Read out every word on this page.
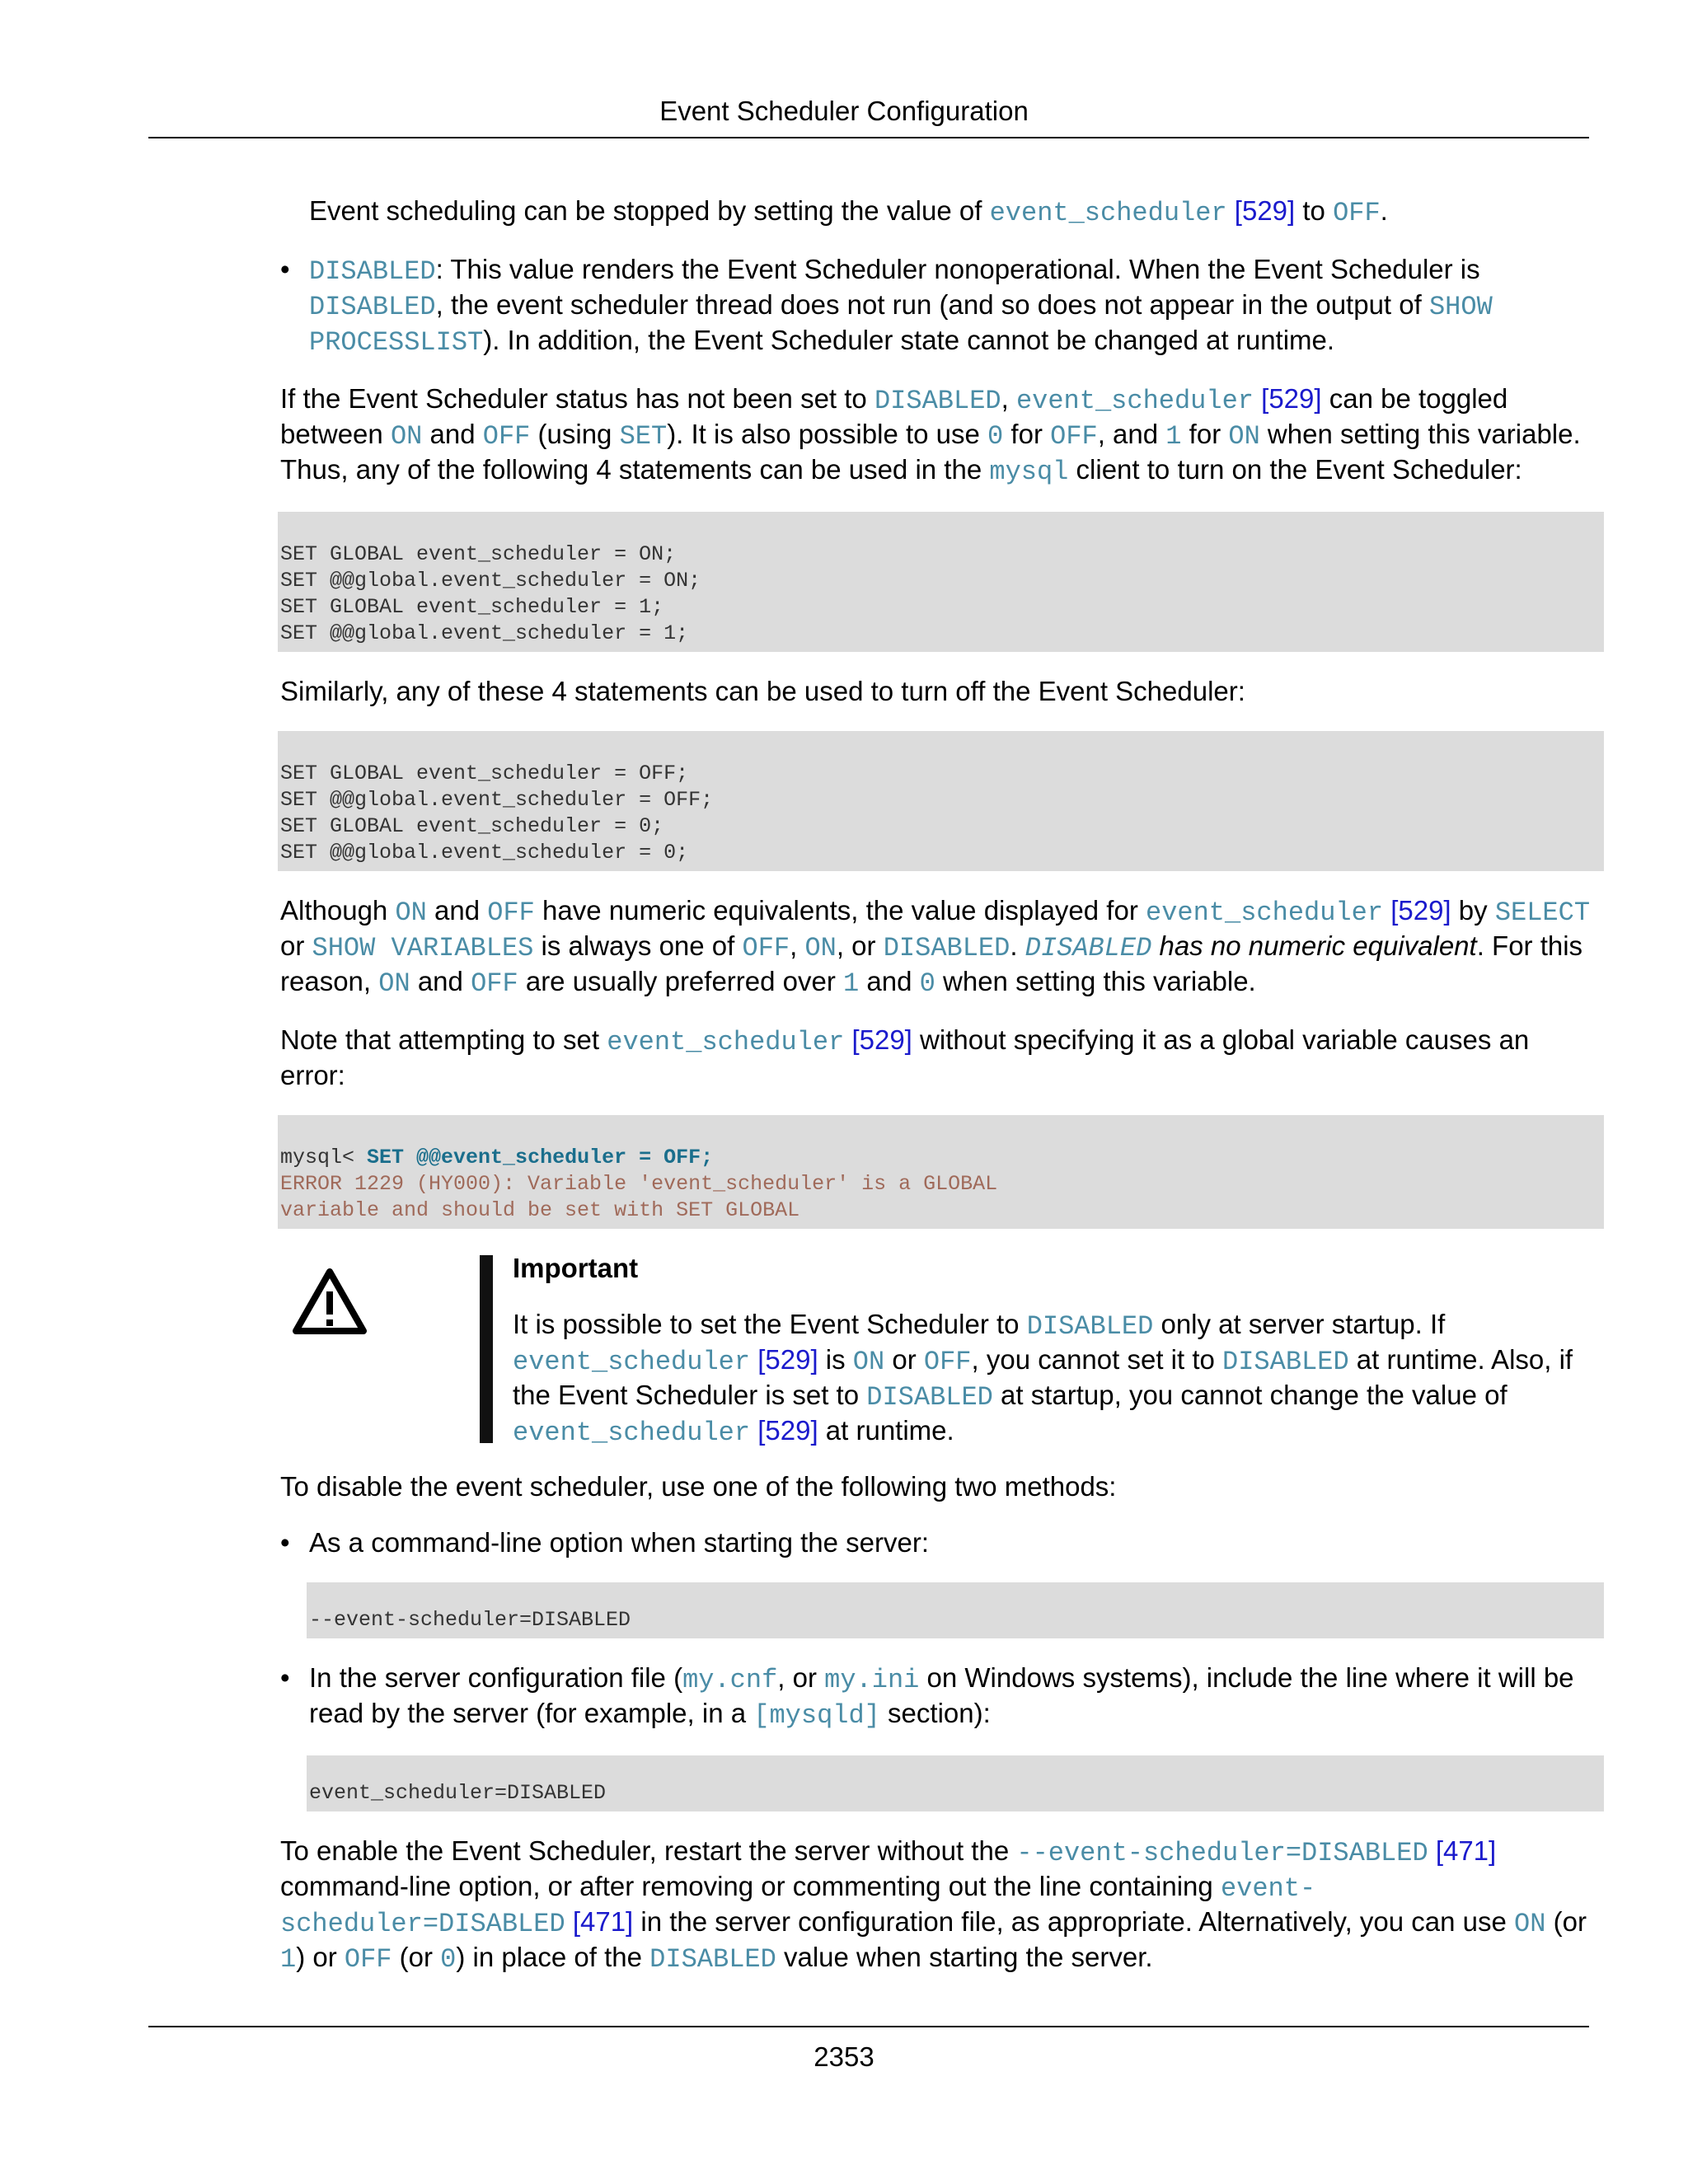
Event Scheduler Configuration

Event scheduling can be stopped by setting the value of event_scheduler [529] to OFF.

• DISABLED: This value renders the Event Scheduler nonoperational. When the Event Scheduler is DISABLED, the event scheduler thread does not run (and so does not appear in the output of SHOW PROCESSLIST). In addition, the Event Scheduler state cannot be changed at runtime.

If the Event Scheduler status has not been set to DISABLED, event_scheduler [529] can be toggled between ON and OFF (using SET). It is also possible to use 0 for OFF, and 1 for ON when setting this variable. Thus, any of the following 4 statements can be used in the mysql client to turn on the Event Scheduler:

SET GLOBAL event_scheduler = ON;
SET @@global.event_scheduler = ON;
SET GLOBAL event_scheduler = 1;
SET @@global.event_scheduler = 1;

Similarly, any of these 4 statements can be used to turn off the Event Scheduler:

SET GLOBAL event_scheduler = OFF;
SET @@global.event_scheduler = OFF;
SET GLOBAL event_scheduler = 0;
SET @@global.event_scheduler = 0;

Although ON and OFF have numeric equivalents, the value displayed for event_scheduler [529] by SELECT or SHOW VARIABLES is always one of OFF, ON, or DISABLED. DISABLED has no numeric equivalent. For this reason, ON and OFF are usually preferred over 1 and 0 when setting this variable.

Note that attempting to set event_scheduler [529] without specifying it as a global variable causes an error:

mysql< SET @@event_scheduler = OFF;
ERROR 1229 (HY000): Variable 'event_scheduler' is a GLOBAL
variable and should be set with SET GLOBAL
Important
It is possible to set the Event Scheduler to DISABLED only at server startup. If event_scheduler [529] is ON or OFF, you cannot set it to DISABLED at runtime. Also, if the Event Scheduler is set to DISABLED at startup, you cannot change the value of event_scheduler [529] at runtime.

To disable the event scheduler, use one of the following two methods:

• As a command-line option when starting the server:
--event-scheduler=DISABLED
• In the server configuration file (my.cnf, or my.ini on Windows systems), include the line where it will be read by the server (for example, in a [mysqld] section):
event_scheduler=DISABLED

To enable the Event Scheduler, restart the server without the --event-scheduler=DISABLED [471] command-line option, or after removing or commenting out the line containing event-scheduler=DISABLED [471] in the server configuration file, as appropriate. Alternatively, you can use ON (or 1) or OFF (or 0) in place of the DISABLED value when starting the server.

2353
